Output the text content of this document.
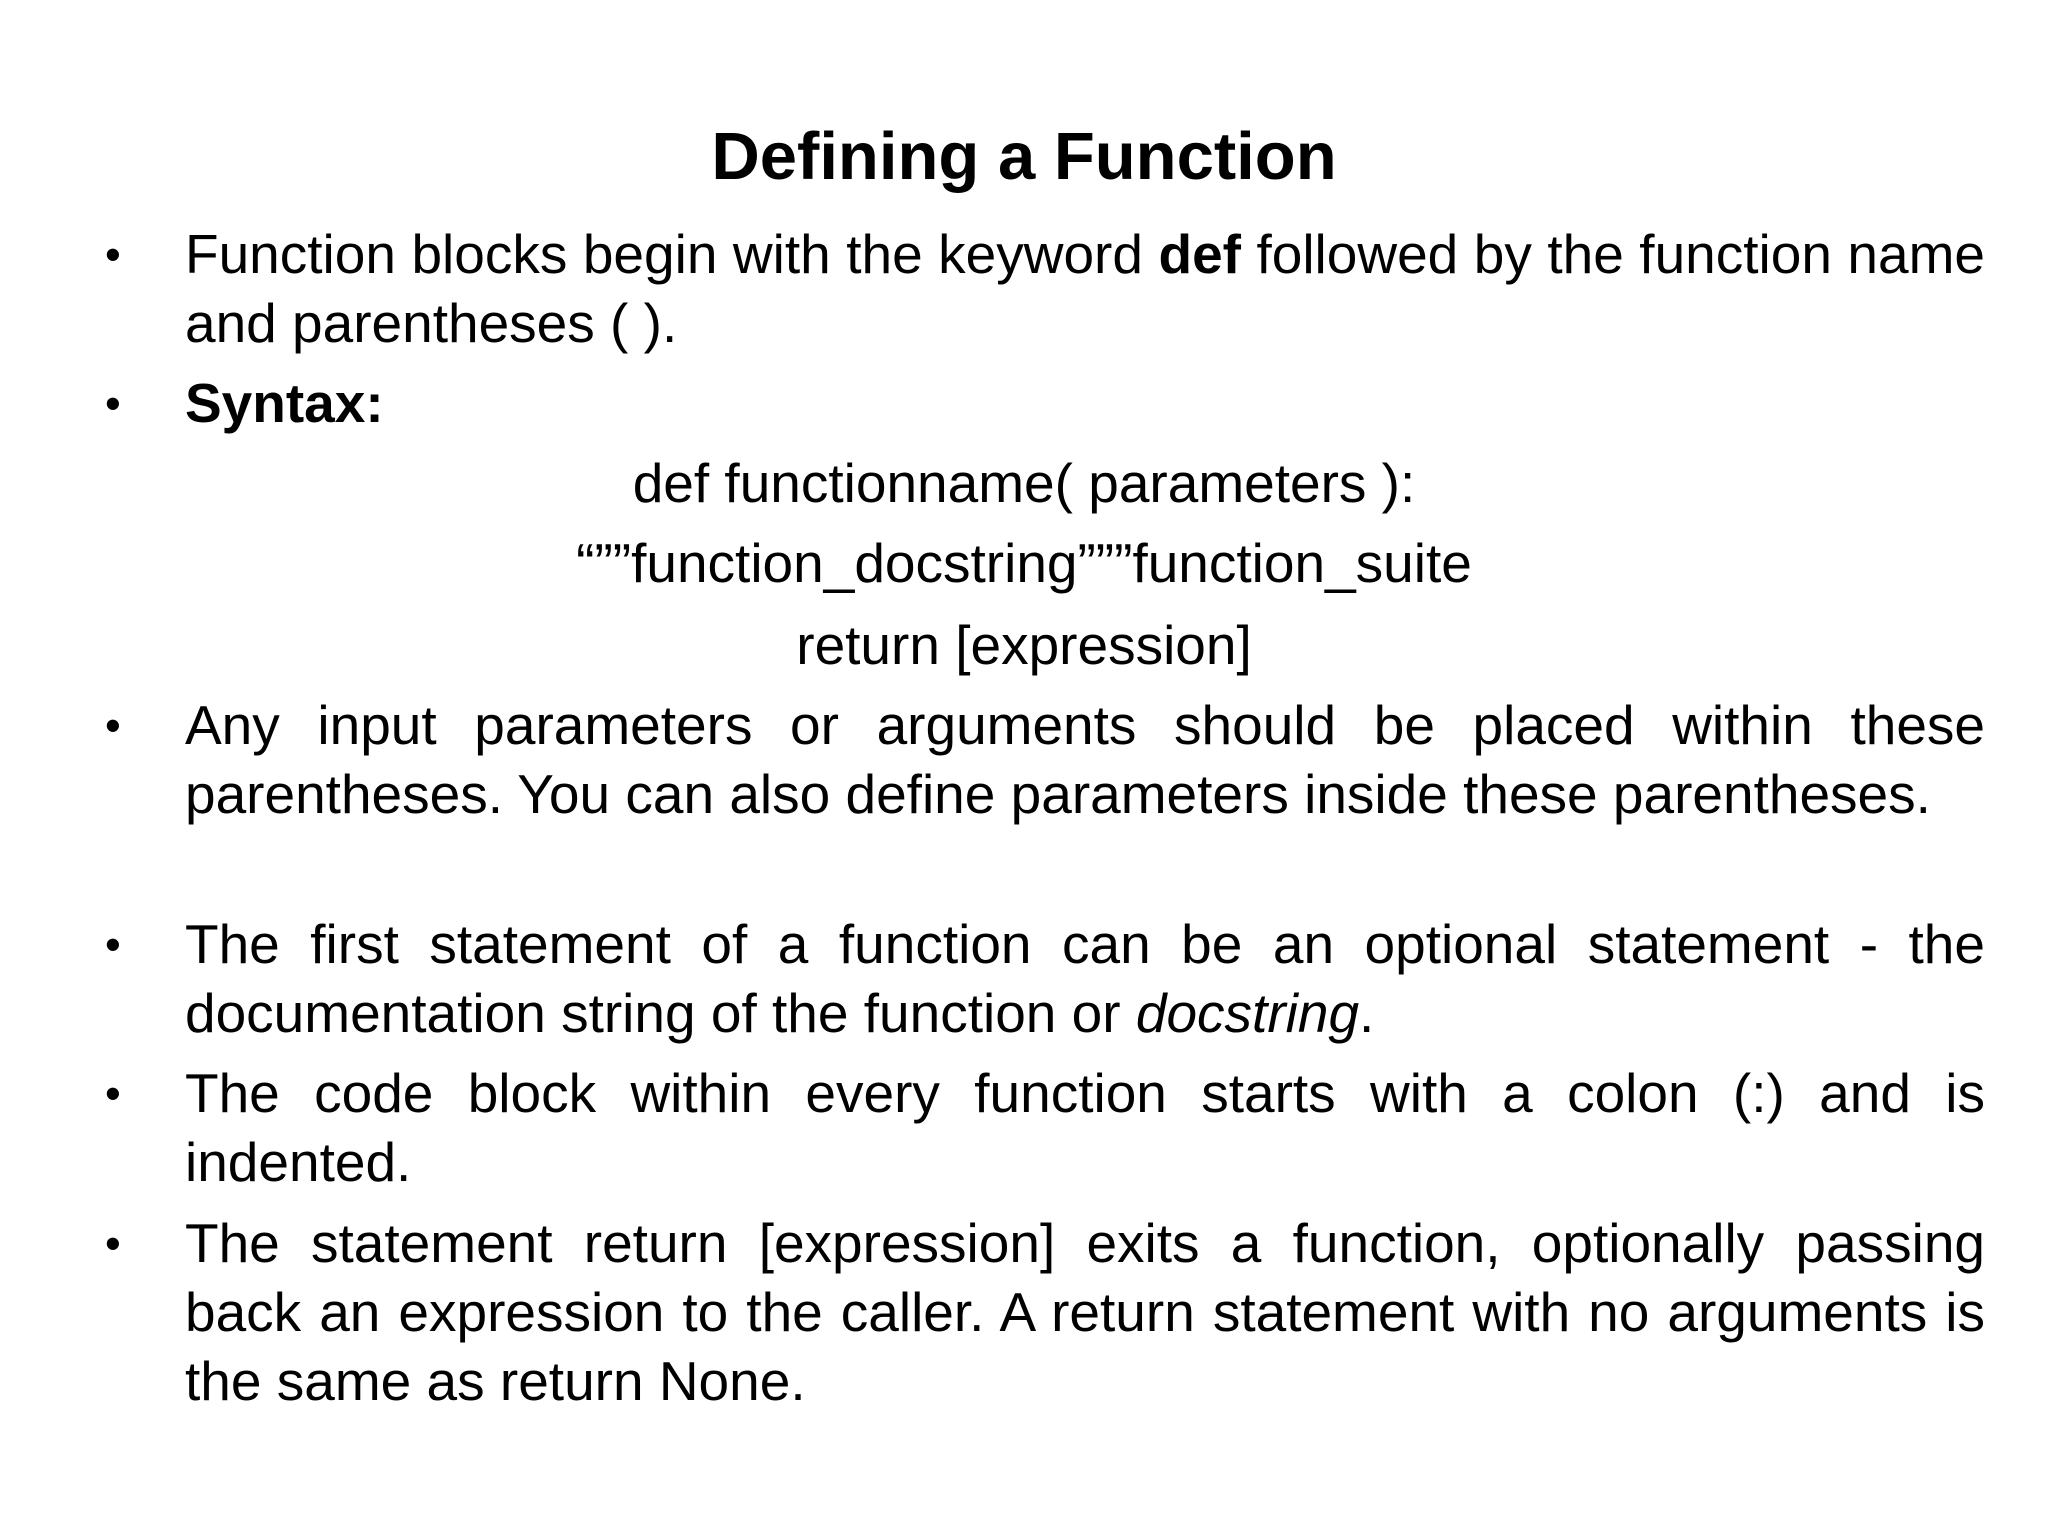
Defining a Function
• Function blocks begin with the keyword def followed by the function name and parentheses ( ).
• Syntax:
def functionname( parameters ):
“””function_docstring”””function_suite
return [expression]
• Any input parameters or arguments should be placed within these parentheses. You can also define parameters inside these parentheses.
• The first statement of a function can be an optional statement - the documentation string of the function or docstring.
• The code block within every function starts with a colon (:) and is indented.
• The statement return [expression] exits a function, optionally passing back an expression to the caller. A return statement with no arguments is the same as return None.
